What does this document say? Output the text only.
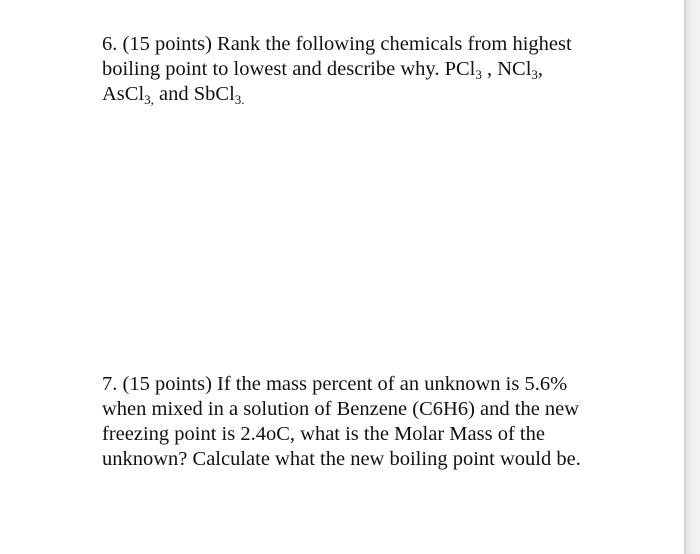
6. (15 points) Rank the following chemicals from highest
boiling point to lowest and describe why. PCl$_3$ , NCl$_3$,
AsCl$_{3,}$ and SbCl$_{3.}$
7. (15 points) If the mass percent of an unknown is 5.6%
when mixed in a solution of Benzene (C6H6) and the new
freezing point is 2.4oC, what is the Molar Mass of the
unknown? Calculate what the new boiling point would be.
